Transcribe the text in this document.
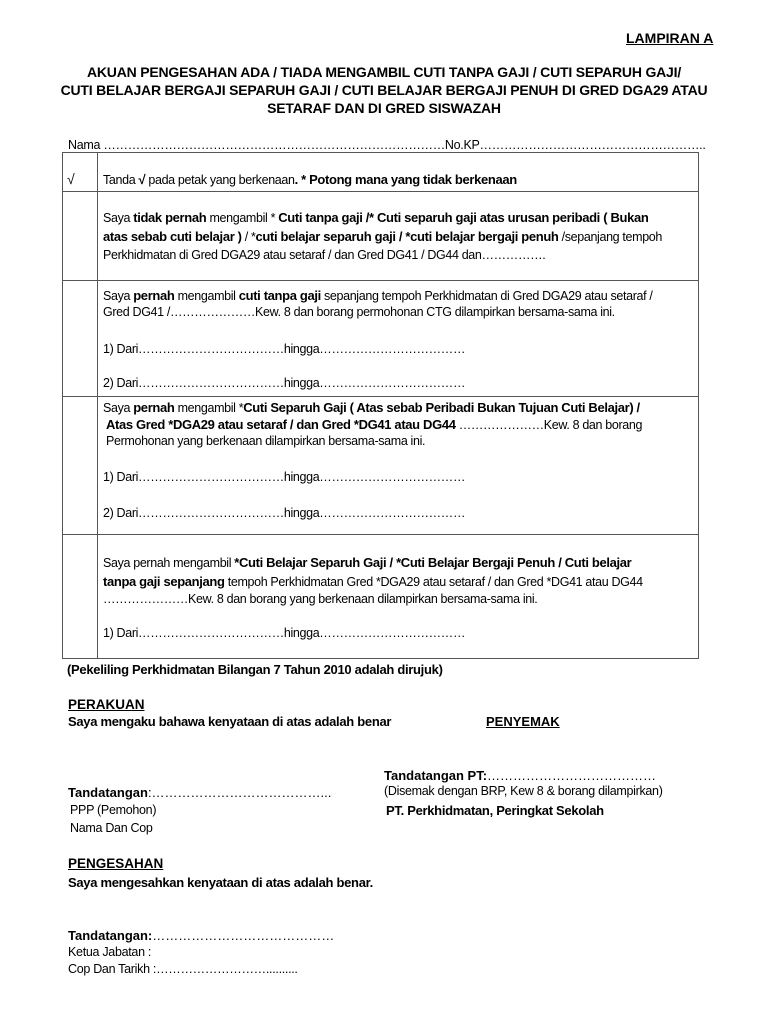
LAMPIRAN A
AKUAN PENGESAHAN ADA / TIADA MENGAMBIL CUTI TANPA GAJI / CUTI SEPARUH GAJI/
CUTI BELAJAR BERGAJI SEPARUH GAJI / CUTI BELAJAR BERGAJI PENUH DI GRED DGA29 ATAU
SETARAF DAN DI GRED SISWAZAH
Nama …………………………………………………………………………No.KP………………………………………………..
√ Tanda √ pada petak yang berkenaan. * Potong mana yang tidak berkenaan
Saya tidak pernah mengambil * Cuti tanpa gaji /* Cuti separuh gaji atas urusan peribadi ( Bukan
atas sebab cuti belajar ) / *cuti belajar separuh gaji / *cuti belajar bergaji penuh /sepanjang tempoh
Perkhidmatan di Gred DGA29 atau setaraf / dan Gred DG41 / DG44 dan…………….
Saya pernah mengambil cuti tanpa gaji sepanjang tempoh Perkhidmatan di Gred DGA29 atau setaraf /
Gred DG41 /…………………Kew. 8 dan borang permohonan CTG dilampirkan bersama-sama ini.
1) Dari………………………………hingga………………………………
2) Dari………………………………hingga………………………………
Saya pernah mengambil *Cuti Separuh Gaji ( Atas sebab Peribadi Bukan Tujuan Cuti Belajar) /
Atas Gred *DGA29 atau setaraf / dan Gred *DG41 atau DG44 …………………Kew. 8 dan borang
Permohonan yang berkenaan dilampirkan bersama-sama ini.
1) Dari………………………………hingga………………………………
2) Dari………………………………hingga………………………………
Saya pernah mengambil *Cuti Belajar Separuh Gaji / *Cuti Belajar Bergaji Penuh / Cuti belajar
tanpa gaji sepanjang tempoh Perkhidmatan Gred *DGA29 atau setaraf / dan Gred *DG41 atau DG44
…………………Kew. 8 dan borang yang berkenaan dilampirkan bersama-sama ini.
1) Dari………………………………hingga………………………………
(Pekeliling Perkhidmatan Bilangan 7 Tahun 2010 adalah dirujuk)
PERAKUAN
Saya mengaku bahawa kenyataan di atas adalah benar	PENYEMAK
Tandatangan PT:…………………………………
Tandatangan:…………………………………...	(Disemak dengan BRP, Kew 8 & borang dilampirkan)
PPP (Pemohon)	PT. Perkhidmatan, Peringkat Sekolah
Nama Dan Cop
PENGESAHAN
Saya mengesahkan kenyataan di atas adalah benar.
Tandatangan:……………………………………
Ketua Jabatan :
Cop Dan Tarikh :………………………..........
